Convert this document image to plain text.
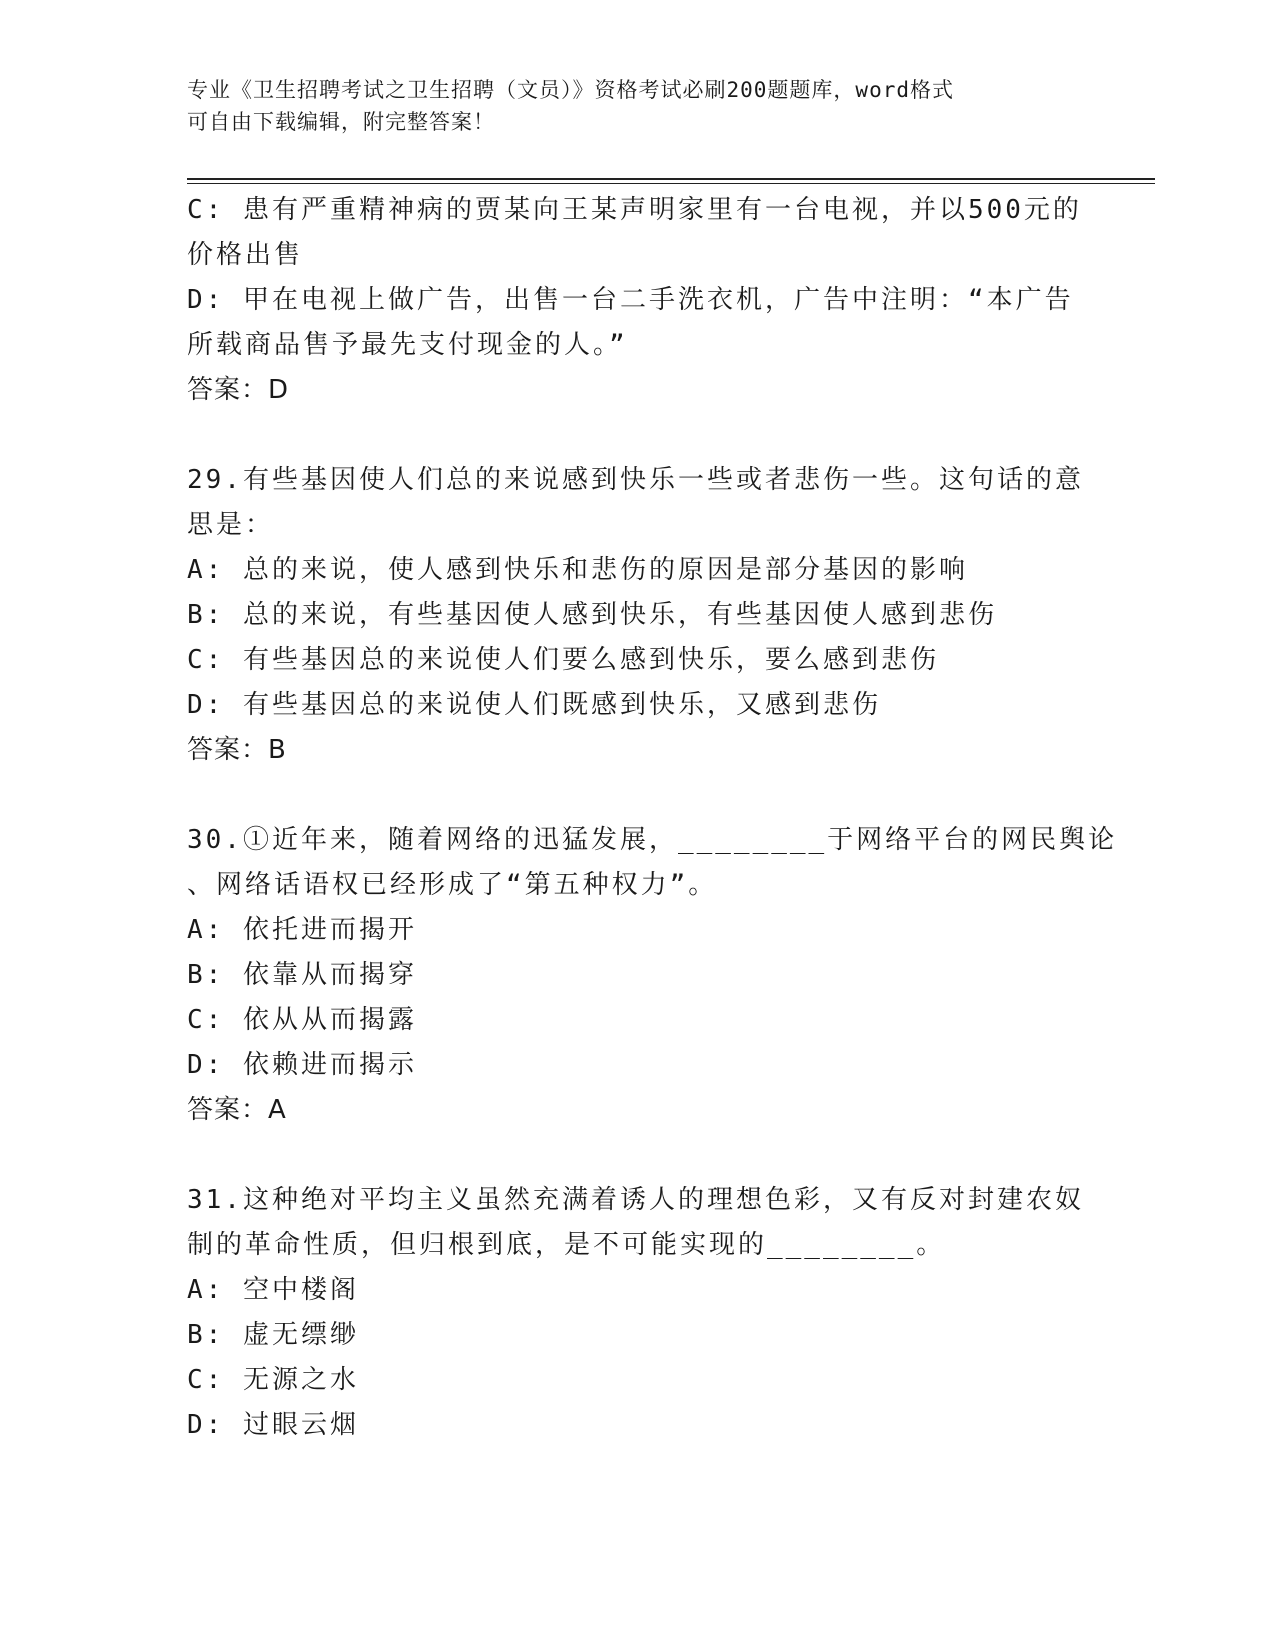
专业《卫生招聘考试之卫生招聘（文员）》资格考试必刷200题题库，word格式
可自由下载编辑，附完整答案！
C: 患有严重精神病的贾某向王某声明家里有一台电视，并以500元的
价格出售
D: 甲在电视上做广告，出售一台二手洗衣机，广告中注明：“本广告
所载商品售予最先支付现金的人。”
答案：D
29.有些基因使人们总的来说感到快乐一些或者悲伤一些。这句话的意
思是：
A: 总的来说，使人感到快乐和悲伤的原因是部分基因的影响
B: 总的来说，有些基因使人感到快乐，有些基因使人感到悲伤
C: 有些基因总的来说使人们要么感到快乐，要么感到悲伤
D: 有些基因总的来说使人们既感到快乐，又感到悲伤
答案：B
30.①近年来，随着网络的迅猛发展，________于网络平台的网民舆论
、网络话语权已经形成了“第五种权力”。
A: 依托进而揭开
B: 依靠从而揭穿
C: 依从从而揭露
D: 依赖进而揭示
答案：A
31.这种绝对平均主义虽然充满着诱人的理想色彩，又有反对封建农奴
制的革命性质，但归根到底，是不可能实现的________。
A: 空中楼阁
B: 虚无缥缈
C: 无源之水
D: 过眼云烟
